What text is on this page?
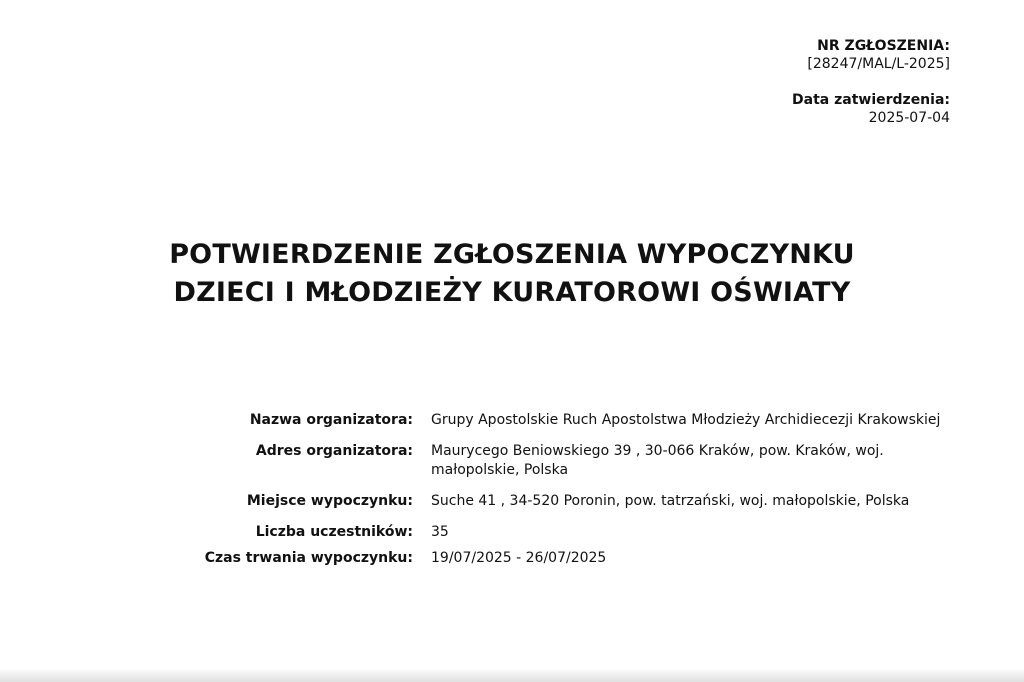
NR ZGŁOSZENIA:
[28247/MAL/L-2025]
Data zatwierdzenia:
2025-07-04
POTWIERDZENIE ZGŁOSZENIA WYPOCZYNKU
DZIECI I MŁODZIEŻY KURATOROWI OŚWIATY
Nazwa organizatora: Grupy Apostolskie Ruch Apostolstwa Młodzieży Archidiecezji Krakowskiej
Adres organizatora: Maurycego Beniowskiego 39 , 30-066 Kraków, pow. Kraków, woj. małopolskie, Polska
Miejsce wypoczynku: Suche 41 , 34-520 Poronin, pow. tatrzański, woj. małopolskie, Polska
Liczba uczestników: 35
Czas trwania wypoczynku: 19/07/2025 - 26/07/2025
